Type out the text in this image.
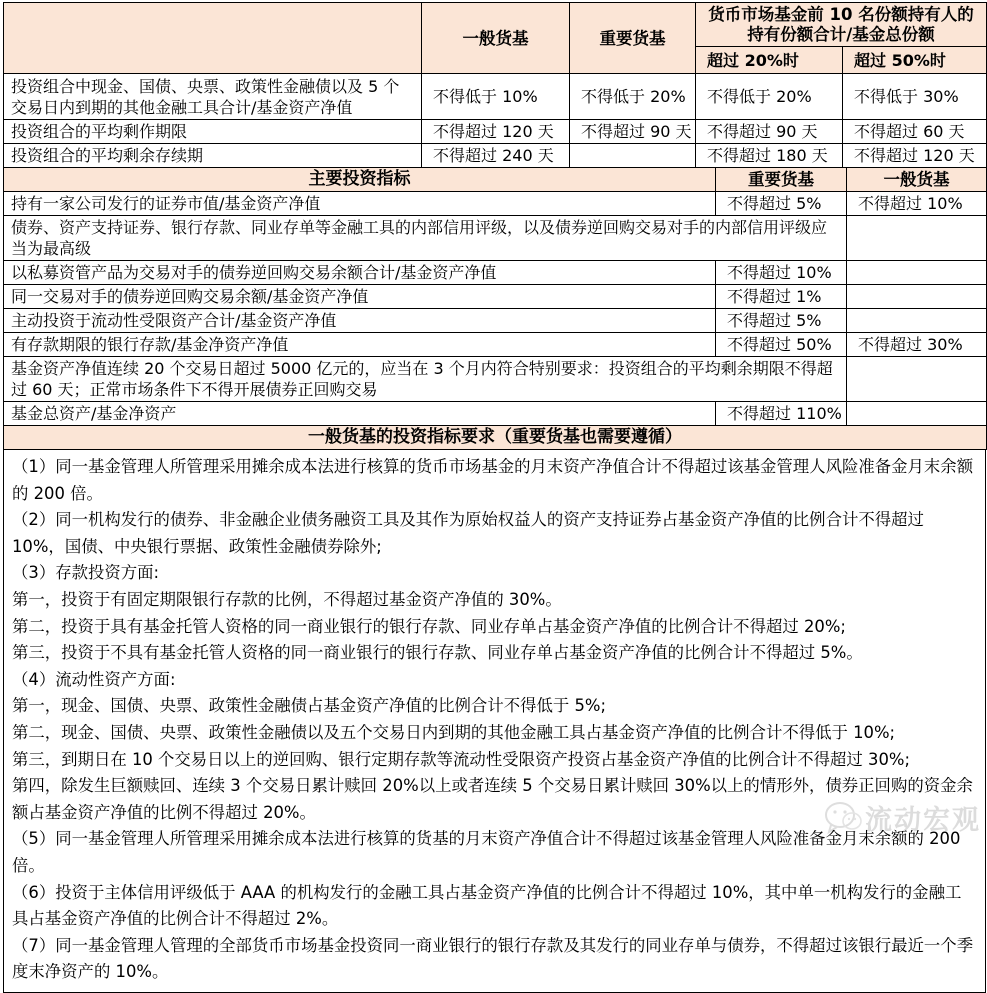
	一般货基	重要货基	货币市场基金前 10 名份额持有人的持有份额合计/基金总份额	
			超过 20%时	超过 50%时
投资组合中现金、国债、央票、政策性金融债以及 5 个交易日内到期的其他金融工具合计/基金资产净值	不得低于 10%	不得低于 20%	不得低于 20%	不得低于 30%
投资组合的平均剩作期限	不得超过 120 天	不得超过 90 天	不得超过 90 天	不得超过 60 天
投资组合的平均剩余存续期	不得超过 240 天		不得超过 180 天	不得超过 120 天
主要投资指标	重要货基	一般货基
持有一家公司发行的证券市值/基金资产净值	不得超过 5%	不得超过 10%
债券、资产支持证券、银行存款、同业存单等金融工具的内部信用评级，以及债券逆回购交易对手的内部信用评级应当为最高级		
以私募资管产品为交易对手的债券逆回购交易余额合计/基金资产净值	不得超过 10%	
同一交易对手的债券逆回购交易余额/基金资产净值	不得超过 1%	
主动投资于流动性受限资产合计/基金资产净值	不得超过 5%	
有存款期限的银行存款/基金净资产净值	不得超过 50%	不得超过 30%
基金资产净值连续 20 个交易日超过 5000 亿元的，应当在 3 个月内符合特别要求：投资组合的平均剩余期限不得超过 60 天；正常市场条件下不得开展债券正回购交易		
基金总资产/基金净资产	不得超过 110%	
一般货基的投资指标要求（重要货基也需要遵循）
（1）同一基金管理人所管理采用摊余成本法进行核算的货币市场基金的月末资产净值合计不得超过该基金管理人风险准备金月末余额的 200 倍。
（2）同一机构发行的债券、非金融企业债务融资工具及其作为原始权益人的资产支持证券占基金资产净值的比例合计不得超过 10%，国债、中央银行票据、政策性金融债券除外;
（3）存款投资方面:
第一，投资于有固定期限银行存款的比例，不得超过基金资产净值的 30%。
第二，投资于具有基金托管人资格的同一商业银行的银行存款、同业存单占基金资产净值的比例合计不得超过 20%;
第三，投资于不具有基金托管人资格的同一商业银行的银行存款、同业存单占基金资产净值的比例合计不得超过 5%。
（4）流动性资产方面:
第一，现金、国债、央票、政策性金融债占基金资产净值的比例合计不得低于 5%;
第二，现金、国债、央票、政策性金融债以及五个交易日内到期的其他金融工具占基金资产净值的比例合计不得低于 10%;
第三，到期日在 10 个交易日以上的逆回购、银行定期存款等流动性受限资产投资占基金资产净值的比例合计不得超过 30%;
第四，除发生巨额赎回、连续 3 个交易日累计赎回 20%以上或者连续 5 个交易日累计赎回 30%以上的情形外，债券正回购的资金余额占基金资产净值的比例不得超过 20%。
（5）同一基金管理人所管理采用摊余成本法进行核算的货基的月末资产净值合计不得超过该基金管理人风险准备金月末余额的 200 倍。
（6）投资于主体信用评级低于 AAA 的机构发行的金融工具占基金资产净值的比例合计不得超过 10%，其中单一机构发行的金融工具占基金资产净值的比例合计不得超过 2%。
（7）同一基金管理人管理的全部货币市场基金投资同一商业银行的银行存款及其发行的同业存单与债券，不得超过该银行最近一个季度末净资产的 10%。
流动宏观
